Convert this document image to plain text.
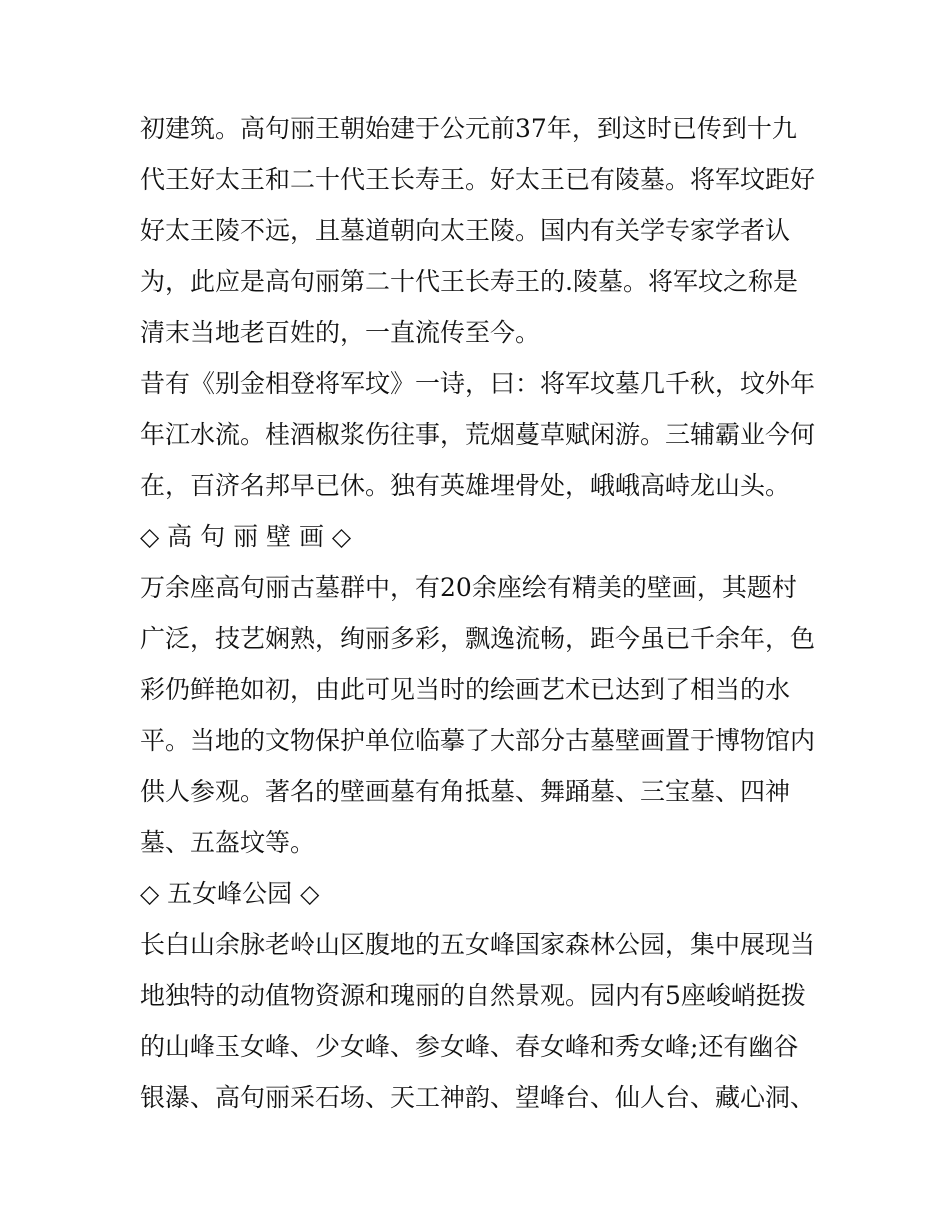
初建筑。高句丽王朝始建于公元前37年，到这时已传到十九
代王好太王和二十代王长寿王。好太王已有陵墓。将军坟距好
好太王陵不远，且墓道朝向太王陵。国内有关学专家学者认
为，此应是高句丽第二十代王长寿王的.陵墓。将军坟之称是
清末当地老百姓的，一直流传至今。

昔有《别金相登将军坟》一诗，曰：将军坟墓几千秋，坟外年
年江水流。桂酒椒浆伤往事，荒烟蔓草赋闲游。三辅霸业今何
在，百济名邦早已休。独有英雄埋骨处，峨峨高峙龙山头。

◇ 高 句 丽 壁 画 ◇

万余座高句丽古墓群中，有20余座绘有精美的壁画，其题村
广泛，技艺娴熟，绚丽多彩，飘逸流畅，距今虽已千余年，色
彩仍鲜艳如初，由此可见当时的绘画艺术已达到了相当的水
平。当地的文物保护单位临摹了大部分古墓壁画置于博物馆内
供人参观。著名的壁画墓有角抵墓、舞踊墓、三宝墓、四神
墓、五盔坟等。

◇ 五女峰公园 ◇

长白山余脉老岭山区腹地的五女峰国家森林公园，集中展现当
地独特的动值物资源和瑰丽的自然景观。园内有5座峻峭挺拨
的山峰玉女峰、少女峰、参女峰、春女峰和秀女峰;还有幽谷
银瀑、高句丽采石场、天工神韵、望峰台、仙人台、藏心洞、
